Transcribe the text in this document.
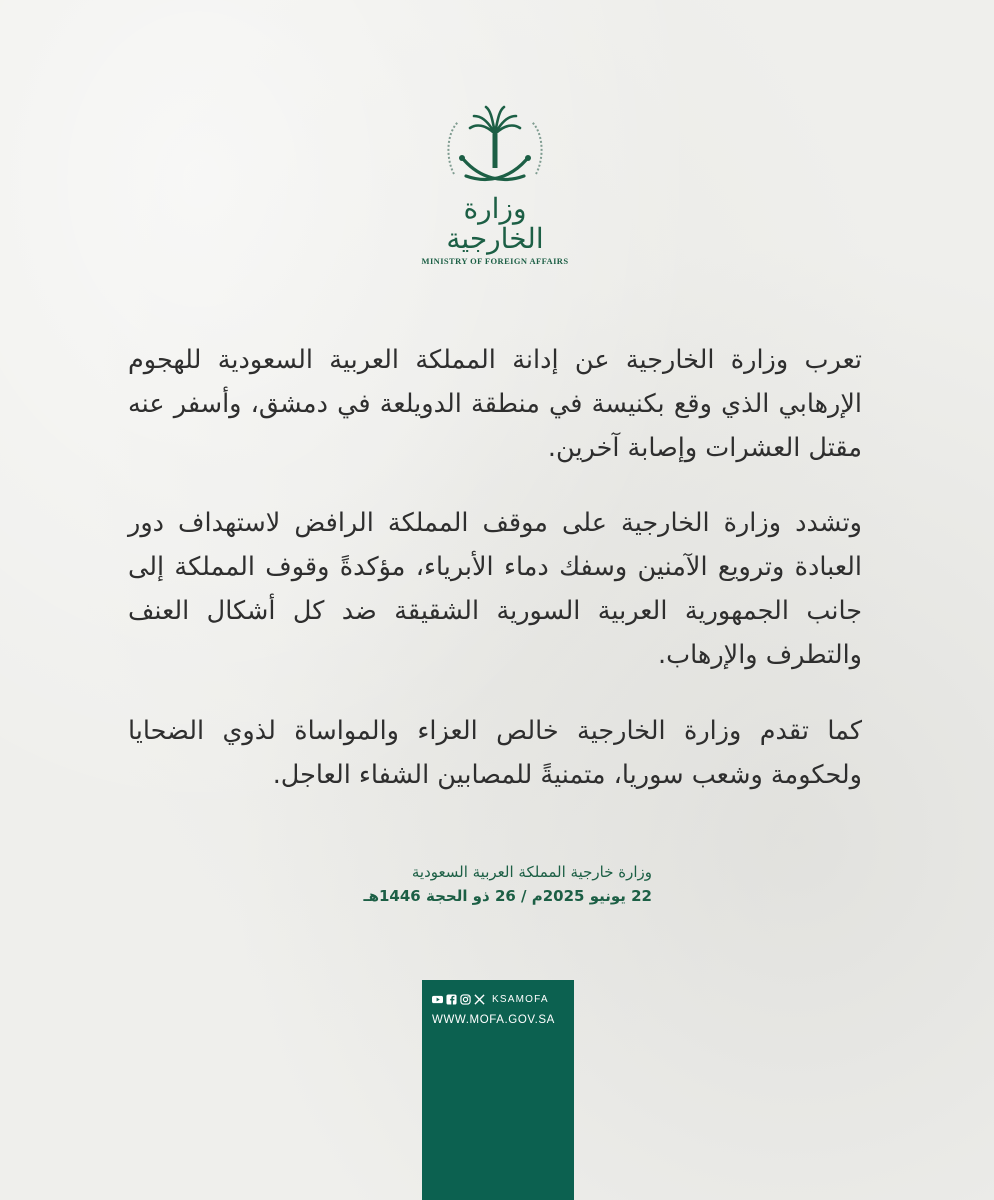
وزارة الخارجية
MINISTRY OF FOREIGN AFFAIRS
تعرب وزارة الخارجية عن إدانة المملكة العربية السعودية للهجوم الإرهابي الذي وقع بكنيسة في منطقة الدويلعة في دمشق، وأسفر عنه مقتل العشرات وإصابة آخرين.
وتشدد وزارة الخارجية على موقف المملكة الرافض لاستهداف دور العبادة وترويع الآمنين وسفك دماء الأبرياء، مؤكدةً وقوف المملكة إلى جانب الجمهورية العربية السورية الشقيقة ضد كل أشكال العنف والتطرف والإرهاب.
كما تقدم وزارة الخارجية خالص العزاء والمواساة لذوي الضحايا ولحكومة وشعب سوريا، متمنيةً للمصابين الشفاء العاجل.
وزارة خارجية المملكة العربية السعودية
22 يونيو 2025م / 26 ذو الحجة 1446هـ
KSAMOFA
WWW.MOFA.GOV.SA
